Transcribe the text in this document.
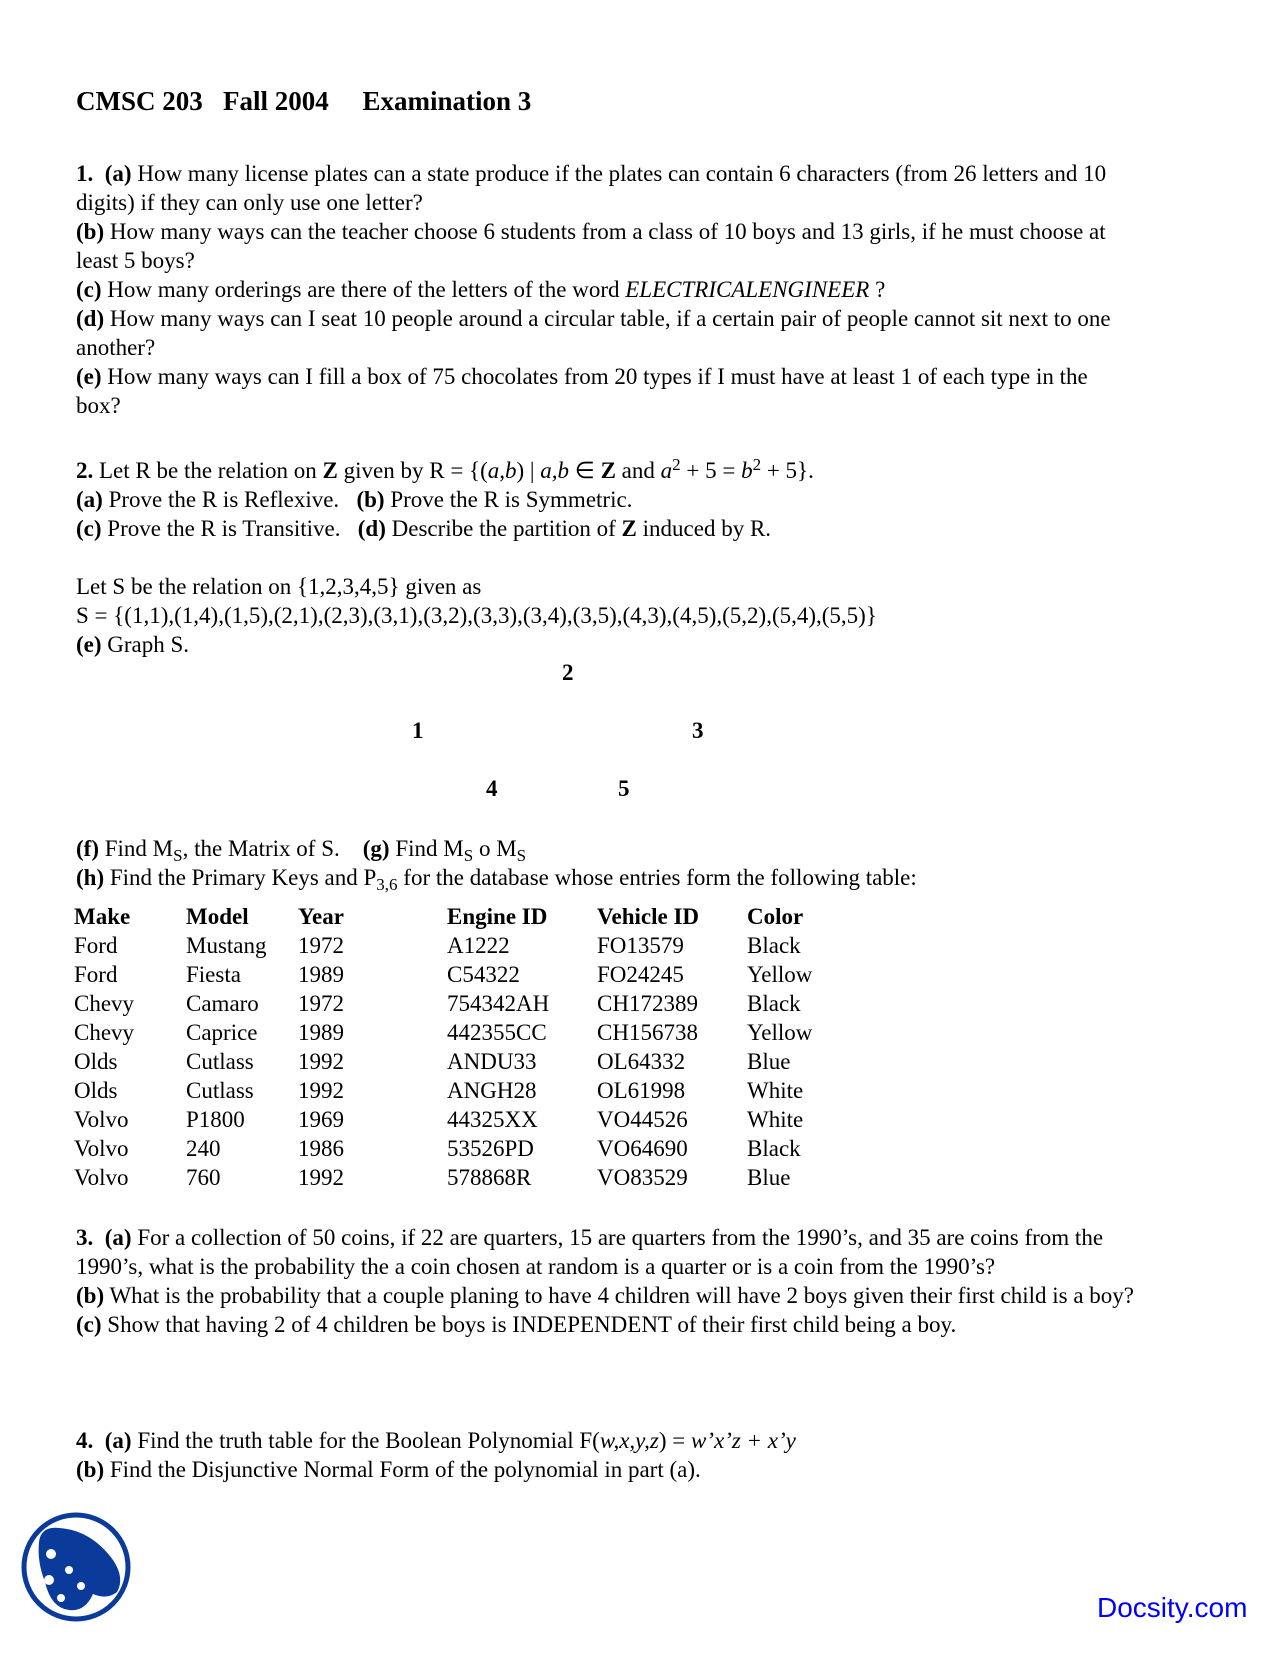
CMSC 203   Fall 2004     Examination 3
1. (a) How many license plates can a state produce if the plates can contain 6 characters (from 26 letters and 10 digits) if they can only use one letter?
(b) How many ways can the teacher choose 6 students from a class of 10 boys and 13 girls, if he must choose at least 5 boys?
(c) How many orderings are there of the letters of the word ELECTRICALENGINEER ?
(d) How many ways can I seat 10 people around a circular table, if a certain pair of people cannot sit next to one another?
(e) How many ways can I fill a box of 75 chocolates from 20 types if I must have at least 1 of each type in the box?
2. Let R be the relation on Z given by R = {(a,b) | a,b ∈ Z and $a^2 + 5 = b^2 + 5$}.
(a) Prove the R is Reflexive. (b) Prove the R is Symmetric.
(c) Prove the R is Transitive. (d) Describe the partition of Z induced by R.
Let S be the relation on {1,2,3,4,5} given as
S = {(1,1),(1,4),(1,5),(2,1),(2,3),(3,1),(3,2),(3,3),(3,4),(3,5),(4,3),(4,5),(5,2),(5,4),(5,5)}
(e) Graph S.
2
1	3
4	5
(f) Find $M_S$, the Matrix of S. (g) Find $M_S$ o $M_S$
(h) Find the Primary Keys and $P_{3,6}$ for the database whose entries form the following table:
Make	Model	Year	Engine ID	Vehicle ID	Color
Ford	Mustang	1972	A1222	FO13579	Black
Ford	Fiesta	1989	C54322	FO24245	Yellow
Chevy	Camaro	1972	754342AH	CH172389	Black
Chevy	Caprice	1989	442355CC	CH156738	Yellow
Olds	Cutlass	1992	ANDU33	OL64332	Blue
Olds	Cutlass	1992	ANGH28	OL61998	White
Volvo	P1800	1969	44325XX	VO44526	White
Volvo	240	1986	53526PD	VO64690	Black
Volvo	760	1992	578868R	VO83529	Blue
3. (a) For a collection of 50 coins, if 22 are quarters, 15 are quarters from the 1990’s, and 35 are coins from the 1990’s, what is the probability the a coin chosen at random is a quarter or is a coin from the 1990’s?
(b) What is the probability that a couple planing to have 4 children will have 2 boys given their first child is a boy?
(c) Show that having 2 of 4 children be boys is INDEPENDENT of their first child being a boy.
4. (a) Find the truth table for the Boolean Polynomial F(w,x,y,z) = w’x’z + x’y
(b) Find the Disjunctive Normal Form of the polynomial in part (a).
Docsity.com
